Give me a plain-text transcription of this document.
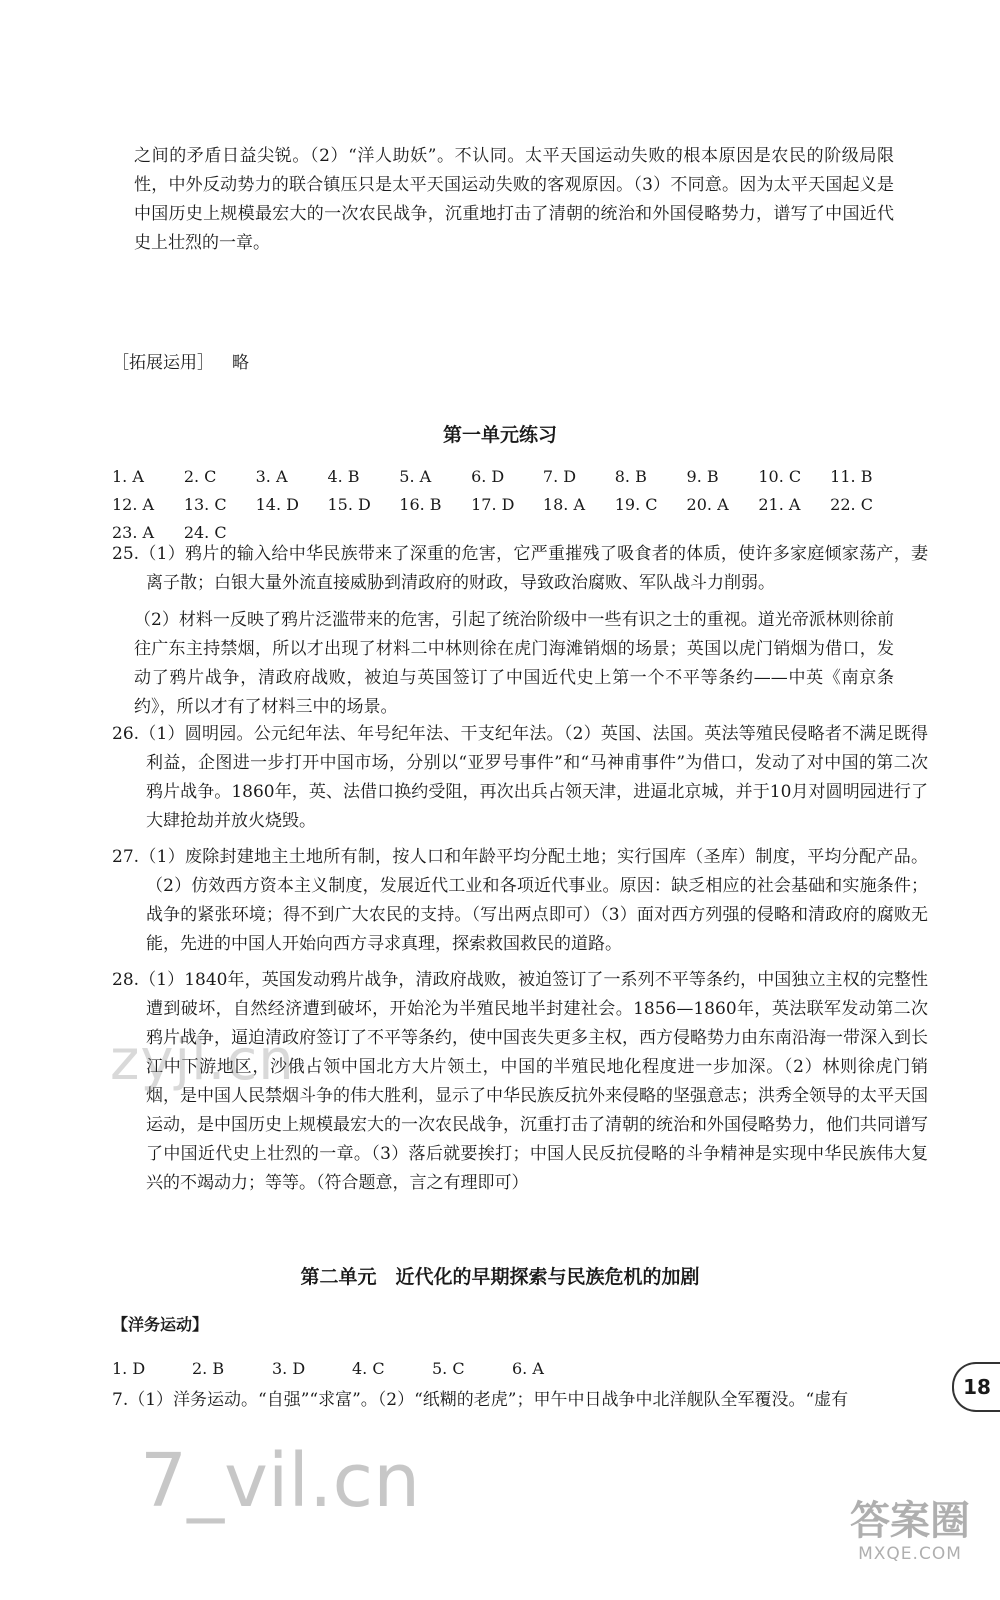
之间的矛盾日益尖锐。（2）“洋人助妖”。不认同。太平天国运动失败的根本原因是农民的阶级局限性，中外反动势力的联合镇压只是太平天国运动失败的客观原因。（3）不同意。因为太平天国起义是中国历史上规模最宏大的一次农民战争，沉重地打击了清朝的统治和外国侵略势力，谱写了中国近代史上壮烈的一章。
［拓展运用］ 略
第一单元练习
1. A	2. C	3. A	4. B	5. A	6. D	7. D	8. B	9. B	10. C	11. B
12. A	13. C	14. D	15. D	16. B	17. D	18. A	19. C	20. A	21. A	22. C
23. A	24. C
25.（1）鸦片的输入给中华民族带来了深重的危害，它严重摧残了吸食者的体质，使许多家庭倾家荡产，妻离子散；白银大量外流直接威胁到清政府的财政，导致政治腐败、军队战斗力削弱。
（2）材料一反映了鸦片泛滥带来的危害，引起了统治阶级中一些有识之士的重视。道光帝派林则徐前往广东主持禁烟，所以才出现了材料二中林则徐在虎门海滩销烟的场景；英国以虎门销烟为借口，发动了鸦片战争，清政府战败，被迫与英国签订了中国近代史上第一个不平等条约——中英《南京条约》，所以才有了材料三中的场景。
26.（1）圆明园。公元纪年法、年号纪年法、干支纪年法。（2）英国、法国。英法等殖民侵略者不满足既得利益，企图进一步打开中国市场，分别以“亚罗号事件”和“马神甫事件”为借口，发动了对中国的第二次鸦片战争。1860年，英、法借口换约受阻，再次出兵占领天津，进逼北京城，并于10月对圆明园进行了大肆抢劫并放火烧毁。
27.（1）废除封建地主土地所有制，按人口和年龄平均分配土地；实行国库（圣库）制度，平均分配产品。（2）仿效西方资本主义制度，发展近代工业和各项近代事业。原因：缺乏相应的社会基础和实施条件；战争的紧张环境；得不到广大农民的支持。（写出两点即可）（3）面对西方列强的侵略和清政府的腐败无能，先进的中国人开始向西方寻求真理，探索救国救民的道路。
28.（1）1840年，英国发动鸦片战争，清政府战败，被迫签订了一系列不平等条约，中国独立主权的完整性遭到破坏，自然经济遭到破坏，开始沦为半殖民地半封建社会。1856—1860年，英法联军发动第二次鸦片战争，逼迫清政府签订了不平等条约，使中国丧失更多主权，西方侵略势力由东南沿海一带深入到长江中下游地区，沙俄占领中国北方大片领土，中国的半殖民地化程度进一步加深。（2）林则徐虎门销烟，是中国人民禁烟斗争的伟大胜利，显示了中华民族反抗外来侵略的坚强意志；洪秀全领导的太平天国运动，是中国历史上规模最宏大的一次农民战争，沉重打击了清朝的统治和外国侵略势力，他们共同谱写了中国近代史上壮烈的一章。（3）落后就要挨打；中国人民反抗侵略的斗争精神是实现中华民族伟大复兴的不竭动力；等等。（符合题意，言之有理即可）
zyjl.cn
第二单元　近代化的早期探索与民族危机的加剧
【洋务运动】
1. D	2. B	3. D	4. C	5. C	6. A
7.（1）洋务运动。“自强”“求富”。（2）“纸糊的老虎”；甲午中日战争中北洋舰队全军覆没。“虚有
18
7_vil.cn	答案圈
MXQE.COM
